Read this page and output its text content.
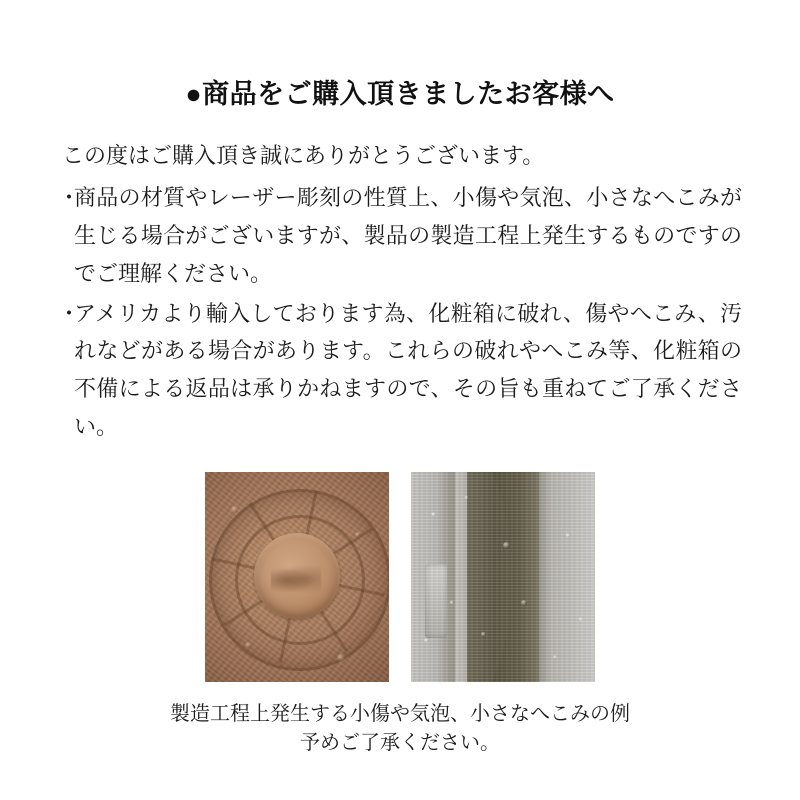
●商品をご購入頂きましたお客様へ

この度はご購入頂き誠にありがとうございます。

・
商品の材質やレーザー彫刻の性質上、小傷や気泡、小さなへこみが生じる場合がございますが、製品の製造工程上発生するものですのでご理解ください。
・
アメリカより輸入しております為、化粧箱に破れ、傷やへこみ、汚れなどがある場合があります。これらの破れやへこみ等、化粧箱の不備による返品は承りかねますので、その旨も重ねてご了承ください。
製造工程上発生する小傷や気泡、小さなへこみの例
予めご了承ください。
